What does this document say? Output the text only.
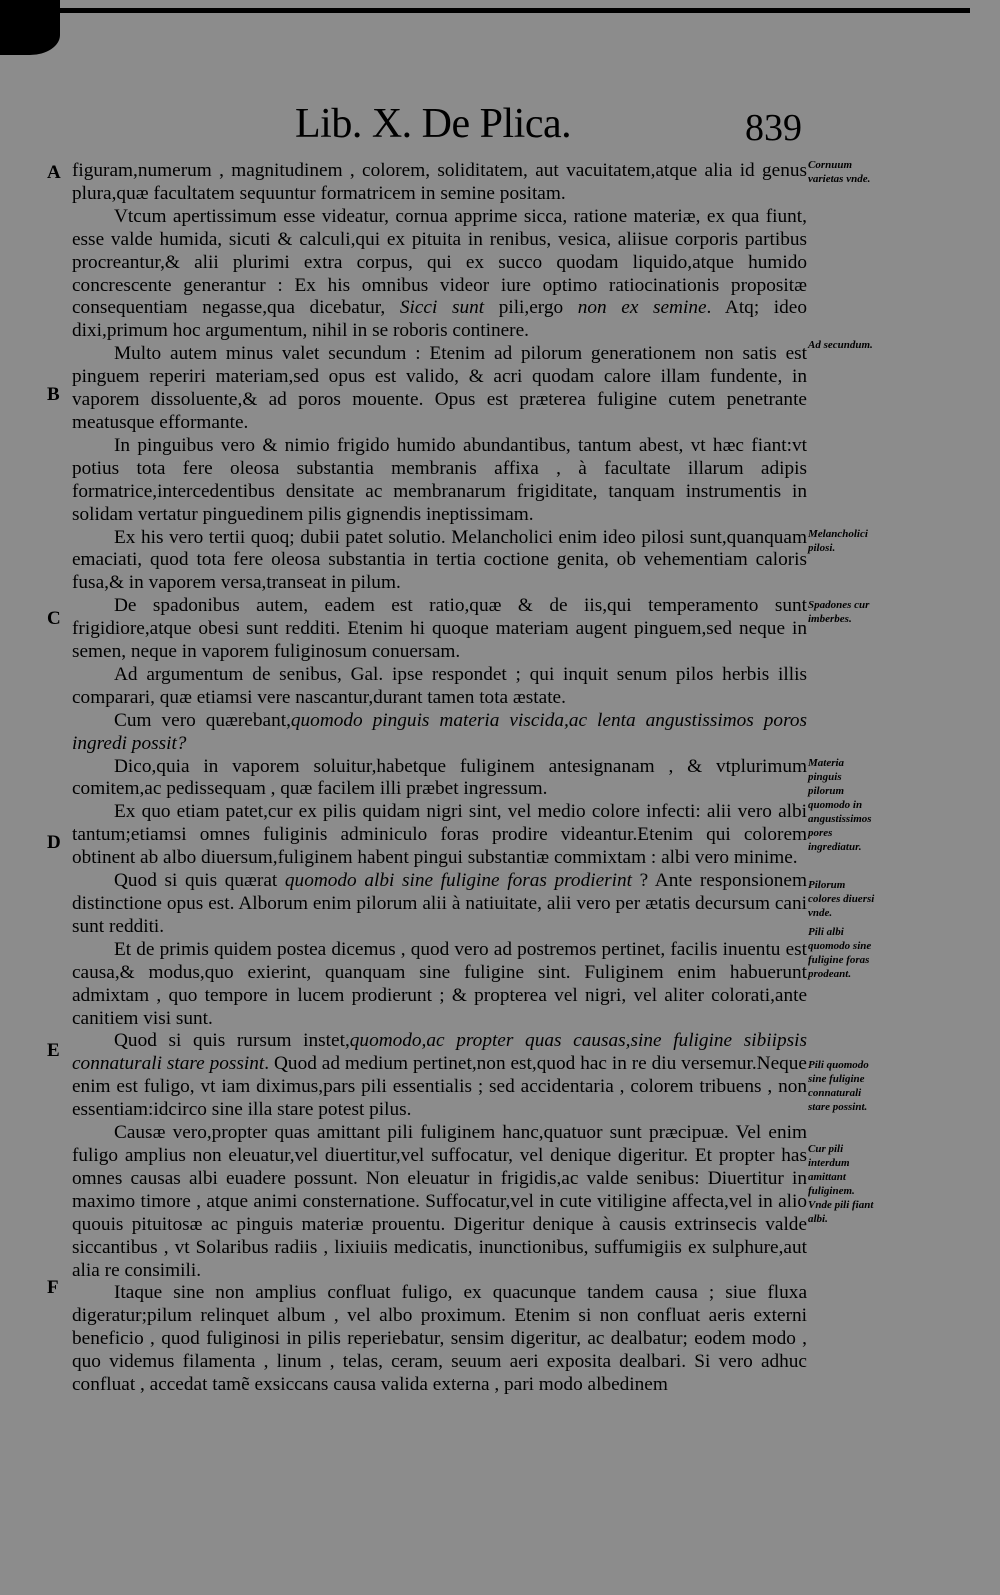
Lib. X. De Plica.	839
A
B
C
D
E
F

figuram,numerum , magnitudinem , colorem, soliditatem, aut vacuitatem,atque alia id genus plura,quæ facultatem sequuntur formatricem in semine positam.

Vtcum apertissimum esse videatur, cornua apprime sicca, ratione materiæ, ex qua fiunt, esse valde humida, sicuti & calculi,qui ex pituita in renibus, vesica, aliisue corporis partibus procreantur,& alii plurimi extra corpus, qui ex succo quodam liquido,atque humido concrescente generantur : Ex his omnibus videor iure optimo ratiocinationis propositæ consequentiam negasse,qua dicebatur, Sicci sunt pili,ergo non ex semine. Atq; ideo dixi,primum hoc argumentum, nihil in se roboris continere.

Multo autem minus valet secundum : Etenim ad pilorum generationem non satis est pinguem reperiri materiam,sed opus est valido, & acri quodam calore illam fundente, in vaporem dissoluente,& ad poros mouente. Opus est præterea fuligine cutem penetrante meatusque efformante.

In pinguibus vero & nimio frigido humido abundantibus, tantum abest, vt hæc fiant:vt potius tota fere oleosa substantia membranis affixa , à facultate illarum adipis formatrice,intercedentibus densitate ac membranarum frigiditate, tanquam instrumentis in solidam vertatur pinguedinem pilis gignendis ineptissimam.

Ex his vero tertii quoq; dubii patet solutio. Melancholici enim ideo pilosi sunt,quanquam emaciati, quod tota fere oleosa substantia in tertia coctione genita, ob vehementiam caloris fusa,& in vaporem versa,transeat in pilum.

De spadonibus autem, eadem est ratio,quæ & de iis,qui temperamento sunt frigidiore,atque obesi sunt redditi. Etenim hi quoque materiam augent pinguem,sed neque in semen, neque in vaporem fuliginosum conuersam.

Ad argumentum de senibus, Gal. ipse respondet ; qui inquit senum pilos herbis illis comparari, quæ etiamsi vere nascantur,durant tamen tota æstate.

Cum vero quærebant,quomodo pinguis materia viscida,ac lenta angustissimos poros ingredi possit?

Dico,quia in vaporem soluitur,habetque fuliginem antesignanam , & vtplurimum comitem,ac pedissequam , quæ facilem illi præbet ingressum.

Ex quo etiam patet,cur ex pilis quidam nigri sint, vel medio colore infecti: alii vero albi tantum;etiamsi omnes fuliginis adminiculo foras prodire videantur.Etenim qui colorem obtinent ab albo diuersum,fuliginem habent pingui substantiæ commixtam : albi vero minime.

Quod si quis quærat quomodo albi sine fuligine foras prodierint ? Ante responsionem distinctione opus est. Alborum enim pilorum alii à natiuitate, alii vero per ætatis decursum cani sunt redditi.

Et de primis quidem postea dicemus , quod vero ad postremos pertinet, facilis inuentu est causa,& modus,quo exierint, quanquam sine fuligine sint. Fuliginem enim habuerunt admixtam , quo tempore in lucem prodierunt ; & propterea vel nigri, vel aliter colorati,ante canitiem visi sunt.

Quod si quis rursum instet,quomodo,ac propter quas causas,sine fuligine sibiipsis connaturali stare possint. Quod ad medium pertinet,non est,quod hac in re diu versemur.Neque enim est fuligo, vt iam diximus,pars pili essentialis ; sed accidentaria , colorem tribuens , non essentiam:idcirco sine illa stare potest pilus.

Causæ vero,propter quas amittant pili fuliginem hanc,quatuor sunt præcipuæ. Vel enim fuligo amplius non eleuatur,vel diuertitur,vel suffocatur, vel denique digeritur. Et propter has omnes causas albi euadere possunt. Non eleuatur in frigidis,ac valde senibus: Diuertitur in maximo timore , atque animi consternatione. Suffocatur,vel in cute vitiligine affecta,vel in alio quouis pituitosæ ac pinguis materiæ prouentu. Digeritur denique à causis extrinsecis valde siccantibus , vt Solaribus radiis , lixiuiis medicatis, inunctionibus, suffumigiis ex sulphure,aut alia re consimili.

Itaque sine non amplius confluat fuligo, ex quacunque tandem causa ; siue fluxa digeratur;pilum relinquet album , vel albo proximum. Etenim si non confluat aeris externi beneficio , quod fuliginosi in pilis reperiebatur, sensim digeritur, ac dealbatur; eodem modo , quo videmus filamenta , linum , telas, ceram, seuum aeri exposita dealbari. Si vero adhuc confluat , accedat tamẽ exsiccans causa valida externa , pari modo albedinem

Cornuum varietas vnde.
Ad secundum.
Melancholici pilosi.
Spadones cur imberbes.
Materia pinguis pilorum quomodo in angustissimos pores ingrediatur.
Pilorum colores diuersi vnde.
Pili albi quomodo sine fuligine foras prodeant.
Pili quomodo sine fuligine connaturali stare possint.
Cur pili interdum amittant fuliginem. Vnde pili fiant albi.
